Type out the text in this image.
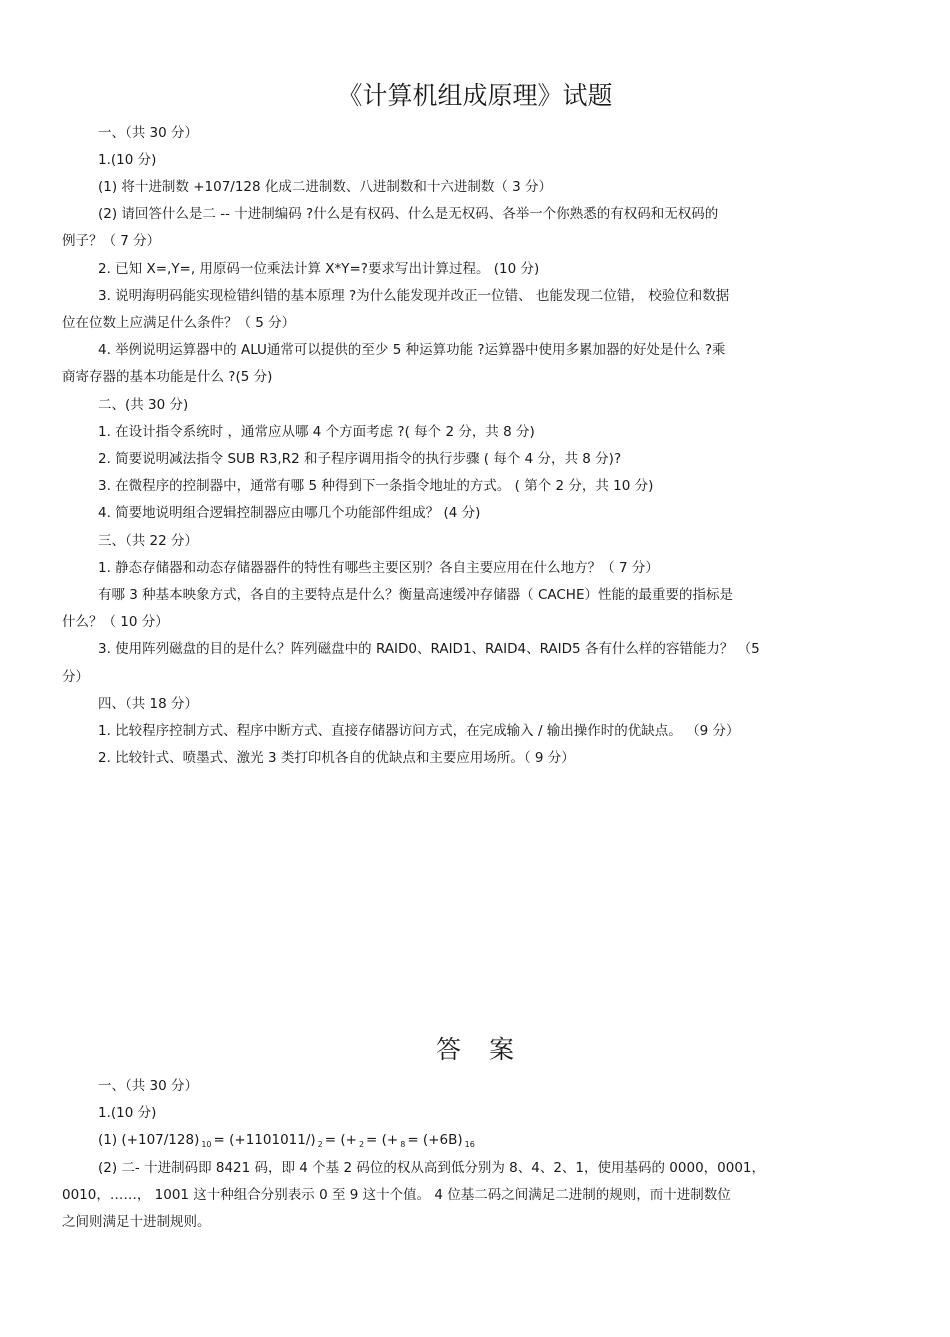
《计算机组成原理》试题
一、（共 30 分）
1.(10 分)
(1) 将十进制数 +107/128 化成二进制数、八进制数和十六进制数（ 3 分）
(2) 请回答什么是二 -- 十进制编码 ?什么是有权码、什么是无权码、各举一个你熟悉的有权码和无权码的
例子？（ 7 分）
2. 已知 X=,Y=, 用原码一位乘法计算 X*Y=?要求写出计算过程。 (10 分)
3. 说明海明码能实现检错纠错的基本原理 ?为什么能发现并改正一位错、 也能发现二位错， 校验位和数据
位在位数上应满足什么条件？（ 5 分）
4. 举例说明运算器中的 ALU通常可以提供的至少 5 种运算功能 ?运算器中使用多累加器的好处是什么 ?乘
商寄存器的基本功能是什么 ?(5 分)
二、(共 30 分)
1. 在设计指令系统时 ，通常应从哪 4 个方面考虑 ?( 每个 2 分，共 8 分)
2. 简要说明减法指令 SUB R3,R2 和子程序调用指令的执行步骤 ( 每个 4 分，共 8 分)?
3. 在微程序的控制器中，通常有哪 5 种得到下一条指令地址的方式。 ( 第个 2 分，共 10 分)
4. 简要地说明组合逻辑控制器应由哪几个功能部件组成？ (4 分)
三、（共 22 分）
1. 静态存储器和动态存储器器件的特性有哪些主要区别？各自主要应用在什么地方？（ 7 分）
有哪 3 种基本映象方式，各自的主要特点是什么？衡量高速缓冲存储器（ CACHE）性能的最重要的指标是
什么？（ 10 分）
3. 使用阵列磁盘的目的是什么？阵列磁盘中的 RAID0、RAID1、RAID4、RAID5 各有什么样的容错能力？ （5
分）
四、（共 18 分）
1. 比较程序控制方式、程序中断方式、直接存储器访问方式，在完成输入 / 输出操作时的优缺点。 （9 分）
2. 比较针式、喷墨式、激光 3 类打印机各自的优缺点和主要应用场所。（ 9 分）
答案
一、（共 30 分）
1.(10 分)
(1) (+107/128) $_{10}$ = (+1101011/) $_2$ = (+ $_2$ = (+ $_8$ = (+6B) $_{16}$
(2) 二- 十进制码即 8421 码，即 4 个基 2 码位的权从高到低分别为 8、4、2、1，使用基码的 0000，0001，
0010，……， 1001 这十种组合分别表示 0 至 9 这十个值。 4 位基二码之间满足二进制的规则，而十进制数位
之间则满足十进制规则。
